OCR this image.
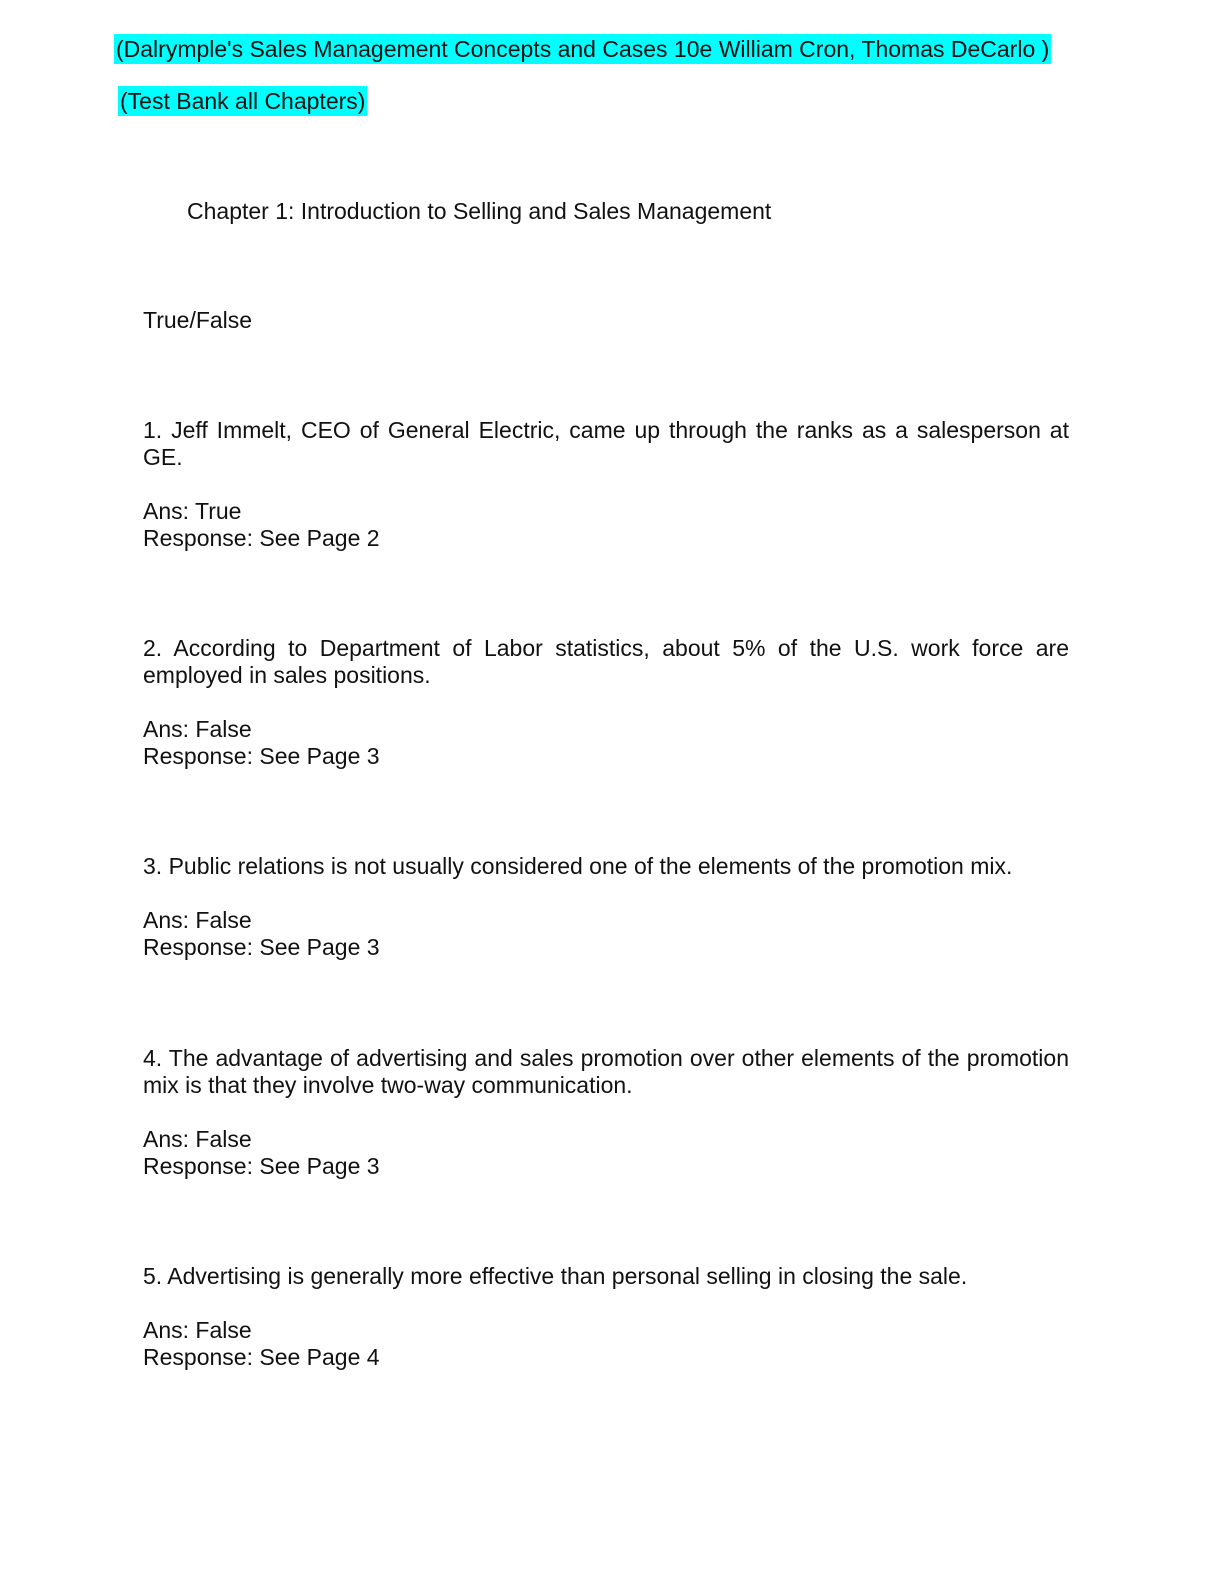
(Dalrymple's Sales Management Concepts and Cases 10e William Cron, Thomas DeCarlo )
(Test Bank all Chapters)
Chapter 1: Introduction to Selling and Sales Management
True/False

1. Jeff Immelt, CEO of General Electric, came up through the ranks as a salesperson at GE.

Ans: True

Response: See Page 2

2. According to Department of Labor statistics, about 5% of the U.S. work force are employed in sales positions.

Ans: False

Response: See Page 3

3. Public relations is not usually considered one of the elements of the promotion mix.

Ans: False

Response: See Page 3

4. The advantage of advertising and sales promotion over other elements of the promotion mix is that they involve two-way communication.

Ans: False

Response: See Page 3

5. Advertising is generally more effective than personal selling in closing the sale.

Ans: False

Response: See Page 4
